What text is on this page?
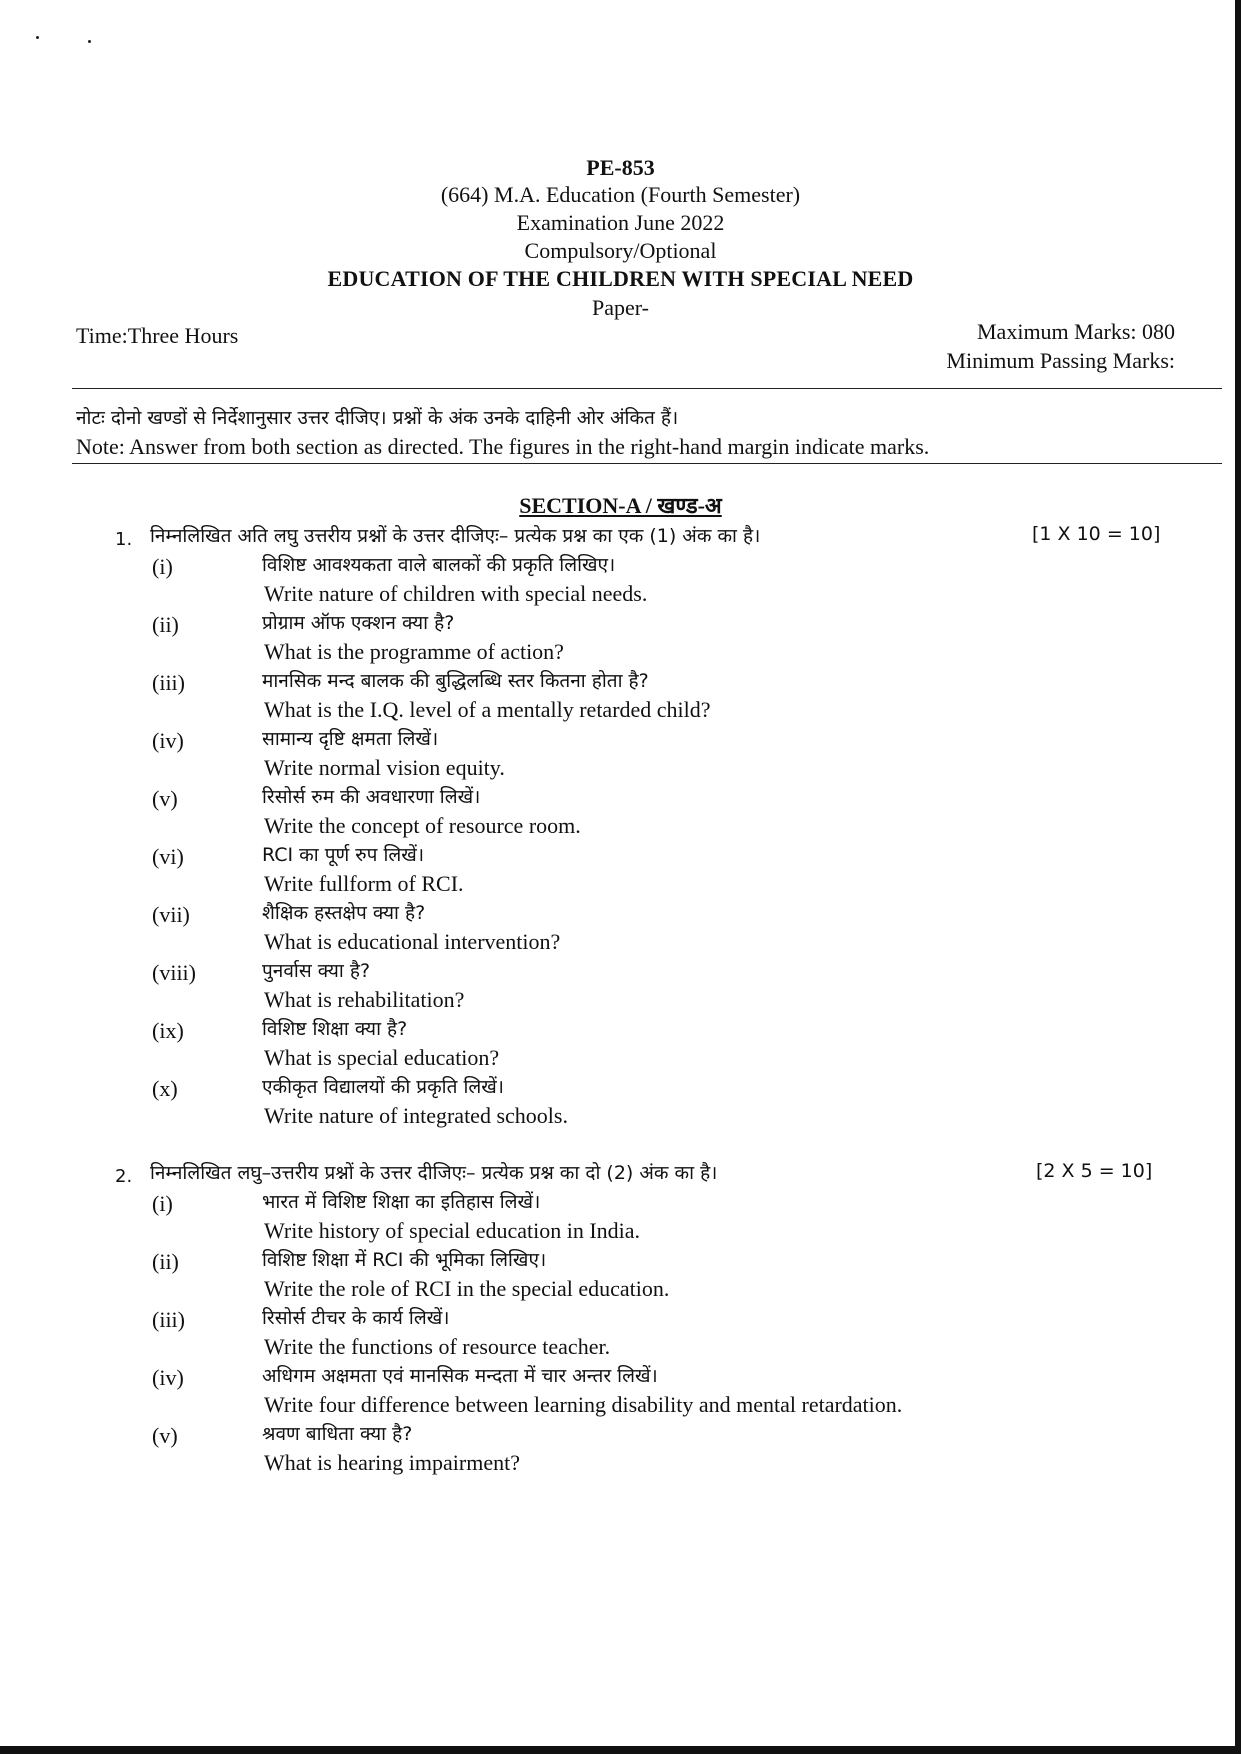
PE-853
(664) M.A. Education (Fourth Semester)
Examination June 2022
Compulsory/Optional
EDUCATION OF THE CHILDREN WITH SPECIAL NEED
Paper-
Time:Three Hours	Maximum Marks: 080
Minimum Passing Marks:
नोटः दोनो खण्डों से निर्देशानुसार उत्तर दीजिए। प्रश्नों के अंक उनके दाहिनी ओर अंकित हैं।
Note: Answer from both section as directed. The figures in the right-hand margin indicate marks.
SECTION-A / खण्ड-अ
1. निम्नलिखित अति लघु उत्तरीय प्रश्नों के उत्तर दीजिएः– प्रत्येक प्रश्न का एक (1) अंक का है।	[1 X 10 = 10]
(i)	विशिष्ट आवश्यकता वाले बालकों की प्रकृति लिखिए।
Write nature of children with special needs.
(ii)	प्रोग्राम ऑफ एक्शन क्या है?
What is the programme of action?
(iii)	मानसिक मन्द बालक की बुद्धिलब्धि स्तर कितना होता है?
What is the I.Q. level of a mentally retarded child?
(iv)	सामान्य दृष्टि क्षमता लिखें।
Write normal vision equity.
(v)	रिसोर्स रुम की अवधारणा लिखें।
Write the concept of resource room.
(vi)	RCI का पूर्ण रुप लिखें।
Write fullform of RCI.
(vii)	शैक्षिक हस्तक्षेप क्या है?
What is educational intervention?
(viii)	पुनर्वास क्या है?
What is rehabilitation?
(ix)	विशिष्ट शिक्षा क्या है?
What is special education?
(x)	एकीकृत विद्यालयों की प्रकृति लिखें।
Write nature of integrated schools.
2. निम्नलिखित लघु–उत्तरीय प्रश्नों के उत्तर दीजिएः– प्रत्येक प्रश्न का दो (2) अंक का है।	[2 X 5 = 10]
(i)	भारत में विशिष्ट शिक्षा का इतिहास लिखें।
Write history of special education in India.
(ii)	विशिष्ट शिक्षा में RCI की भूमिका लिखिए।
Write the role of RCI in the special education.
(iii)	रिसोर्स टीचर के कार्य लिखें।
Write the functions of resource teacher.
(iv)	अधिगम अक्षमता एवं मानसिक मन्दता में चार अन्तर लिखें।
Write four difference between learning disability and mental retardation.
(v)	श्रवण बाधिता क्या है?
What is hearing impairment?
